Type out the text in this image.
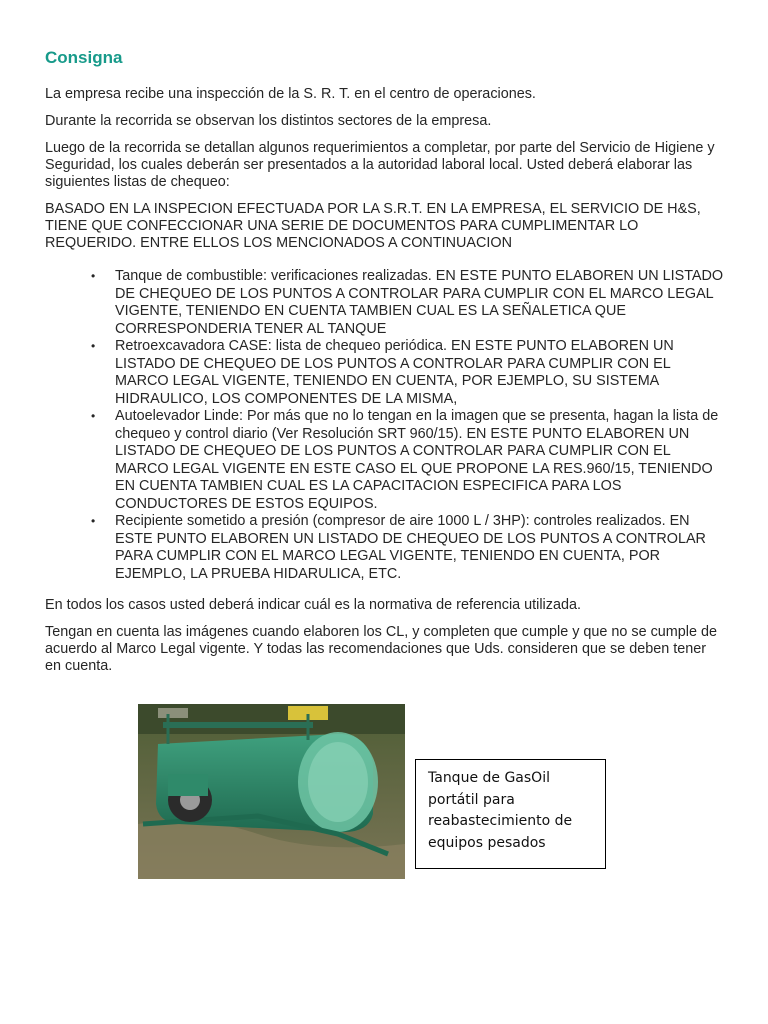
Consigna

La empresa recibe una inspección de la S. R. T. en el centro de operaciones.

Durante la recorrida se observan los distintos sectores de la empresa.

Luego de la recorrida se detallan algunos requerimientos a completar, por parte del Servicio de Higiene y Seguridad, los cuales deberán ser presentados a la autoridad laboral local. Usted deberá elaborar las siguientes listas de chequeo:

BASADO EN LA INSPECION EFECTUADA POR LA S.R.T. EN LA EMPRESA, EL SERVICIO DE H&S, TIENE QUE CONFECCIONAR UNA SERIE DE DOCUMENTOS PARA CUMPLIMENTAR LO REQUERIDO. ENTRE ELLOS LOS MENCIONADOS A CONTINUACION

• Tanque de combustible: verificaciones realizadas. EN ESTE PUNTO ELABOREN UN LISTADO DE CHEQUEO DE LOS PUNTOS A CONTROLAR PARA CUMPLIR CON EL MARCO LEGAL VIGENTE, TENIENDO EN CUENTA TAMBIEN CUAL ES LA SEÑALETICA QUE CORRESPONDERIA TENER AL TANQUE
• Retroexcavadora CASE: lista de chequeo periódica. EN ESTE PUNTO ELABOREN UN LISTADO DE CHEQUEO DE LOS PUNTOS A CONTROLAR PARA CUMPLIR CON EL MARCO LEGAL VIGENTE, TENIENDO EN CUENTA, POR EJEMPLO, SU SISTEMA HIDRAULICO, LOS COMPONENTES DE LA MISMA,
• Autoelevador Linde: Por más que no lo tengan en la imagen que se presenta, hagan la lista de chequeo y control diario (Ver Resolución SRT 960/15). EN ESTE PUNTO ELABOREN UN LISTADO DE CHEQUEO DE LOS PUNTOS A CONTROLAR PARA CUMPLIR CON EL MARCO LEGAL VIGENTE EN ESTE CASO EL QUE PROPONE LA RES.960/15, TENIENDO EN CUENTA TAMBIEN CUAL ES LA CAPACITACION ESPECIFICA PARA LOS CONDUCTORES DE ESTOS EQUIPOS.
• Recipiente sometido a presión (compresor de aire 1000 L / 3HP): controles realizados. EN ESTE PUNTO ELABOREN UN LISTADO DE CHEQUEO DE LOS PUNTOS A CONTROLAR PARA CUMPLIR CON EL MARCO LEGAL VIGENTE, TENIENDO EN CUENTA, POR EJEMPLO, LA PRUEBA HIDARULICA, ETC.

En todos los casos usted deberá indicar cuál es la normativa de referencia utilizada.

Tengan en cuenta las imágenes cuando elaboren los CL, y completen que cumple y que no se cumple de acuerdo al Marco Legal vigente. Y todas las recomendaciones que Uds. consideren que se deben tener en cuenta.

Tanque de GasOil portátil para reabastecimiento de equipos pesados
